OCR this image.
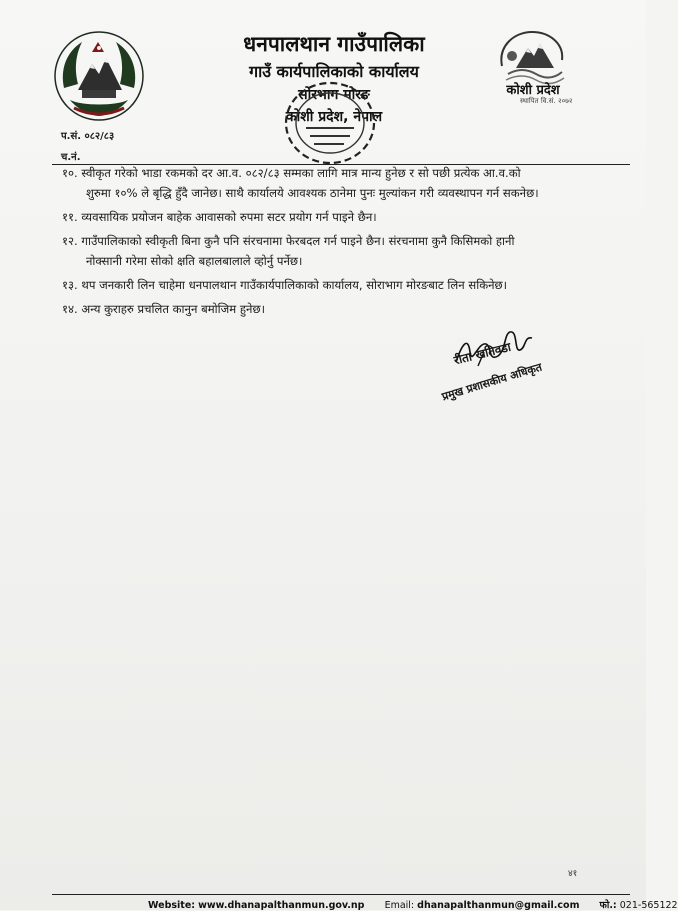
कोशी प्रदेश
स्थापित वि.सं. २०७२
धनपालथान गाउँपालिका
गाउँ कार्यपालिकाको कार्यालय
सोरभाग मोरङ
कोशी प्रदेश, नेपाल
प.सं. ०८२/८३
च.नं.
१०. स्वीकृत गरेको भाडा रकमको दर आ.व. ०८२/८३ सम्मका लागि मात्र मान्य हुनेछ र सो पछी प्रत्येक आ.व.को
शुरुमा १०% ले बृद्धि हुँदै जानेछ। साथै कार्यालये आवश्यक ठानेमा पुनः मुल्यांकन गरी व्यवस्थापन गर्न सकनेछ।
११. व्यवसायिक प्रयोजन बाहेक आवासको रुपमा सटर प्रयोग गर्न पाइने छैन।
१२. गाउँपालिकाको स्वीकृती बिना कुनै पनि संरचनामा फेरबदल गर्न पाइने छैन। संरचनामा कुनै किसिमको हानी
नोक्सानी गरेमा सोको क्षति बहालबालाले व्होर्नु पर्नेछ।
१३. थप जनकारी लिन चाहेमा धनपालथान गाउँकार्यपालिकाको कार्यालय, सोराभाग मोरङबाट लिन सकिनेछ।
१४. अन्य कुराहरु प्रचलित कानुन बमोजिम हुनेछ।
रीता खतिवडा
प्रमुख प्रशासकीय अधिकृत
४१
Website: www.dhanapalthanmun.gov.np Email: dhanapalthanmun@gmail.com फो.: 021-565122
